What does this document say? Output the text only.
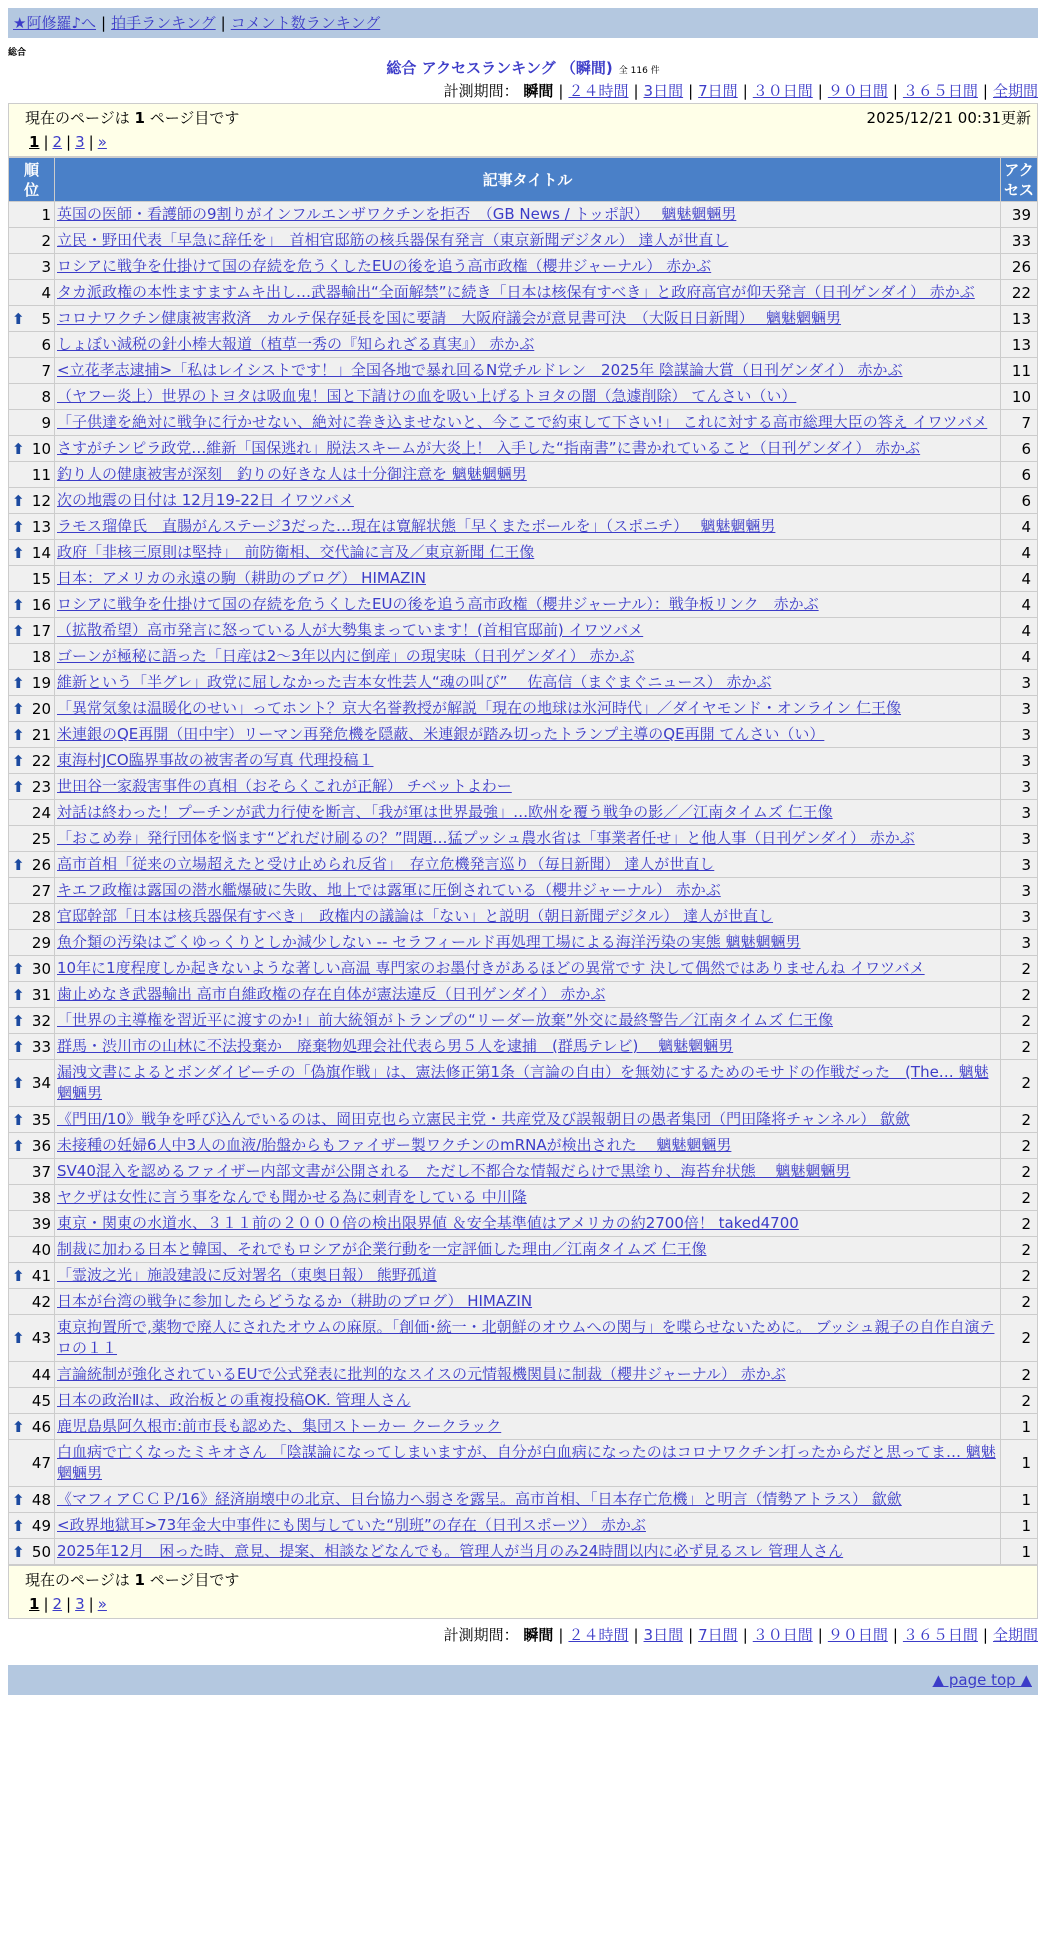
★阿修羅♪へ | 拍手ランキング | コメント数ランキング
総合
総合 アクセスランキング （瞬間) 全 116 件
計測期間： 瞬間 | ２４時間 | 3日間 | 7日間 | ３０日間 | ９０日間 | ３６５日間 | 全期間
現在のページは 1 ページ目です	2025/12/21 00:31更新
1 | 2 | 3 | »
順位	記事タイトル	アクセス
1	英国の医師・看護師の9割りがインフルエンザワクチンを拒否　（GB News / トッポ訳）　 魑魅魍魎男	39
2	立民・野田代表「早急に辞任を」　首相官邸筋の核兵器保有発言（東京新聞デジタル） 達人が世直し	33
3	ロシアに戦争を仕掛けて国の存続を危うくしたEUの後を追う高市政権（櫻井ジャーナル） 赤かぶ	26
4	タカ派政権の本性ますますムキ出し…武器輸出“全面解禁”に続き「日本は核保有すべき」と政府高官が仰天発言（日刊ゲンダイ） 赤かぶ	22

⬆ 5	コロナワクチン健康被害救済　カルテ保存延長を国に要請　大阪府議会が意見書可決　（大阪日日新聞）　 魑魅魍魎男	13
6	しょぼい減税の針小棒大報道（植草一秀の『知られざる真実』） 赤かぶ	13
7	<立花孝志逮捕>「私はレイシストです！」全国各地で暴れ回るN党チルドレン　2025年 陰謀論大賞（日刊ゲンダイ） 赤かぶ	11
8	（ヤフー炎上）世界のトヨタは吸血鬼！国と下請けの血を吸い上げるトヨタの闇（急遽削除） てんさい（い）	10
9	「子供達を絶対に戦争に行かせない、絶対に巻き込ませないと、今ここで約束して下さい!」 これに対する高市総理大臣の答え イワツバメ	7

⬆ 10	さすがチンピラ政党…維新「国保逃れ」脱法スキームが大炎上！ 入手した“指南書”に書かれていること（日刊ゲンダイ） 赤かぶ	6
11	釣り人の健康被害が深刻　釣りの好きな人は十分御注意を 魑魅魍魎男	6

⬆ 12	次の地震の日付は 12月19-22日 イワツバメ	6

⬆ 13	ラモス瑠偉氏　直腸がんステージ3だった…現在は寛解状態「早くまたボールを」（スポニチ）　 魑魅魍魎男	4

⬆ 14	政府「非核三原則は堅持」　前防衛相、交代論に言及／東京新聞 仁王像	4
15	日本：アメリカの永遠の駒（耕助のブログ） HIMAZIN	4

⬆ 16	ロシアに戦争を仕掛けて国の存続を危うくしたEUの後を追う高市政権（櫻井ジャーナル）：戦争板リンク　赤かぶ	4

⬆ 17	（拡散希望）高市発言に怒っている人が大勢集まっています！(首相官邸前) イワツバメ	4
18	ゴーンが極秘に語った「日産は2〜3年以内に倒産」の現実味（日刊ゲンダイ） 赤かぶ	4

⬆ 19	維新という「半グレ」政党に屈しなかった吉本女性芸人“魂の叫び”　 佐高信（まぐまぐニュース） 赤かぶ	3

⬆ 20	「異常気象は温暖化のせい」ってホント？京大名誉教授が解説「現在の地球は氷河時代」／ダイヤモンド・オンライン 仁王像	3

⬆ 21	米連銀のQE再開（田中宇）リーマン再発危機を隠蔽、米連銀が踏み切ったトランプ主導のQE再開 てんさい（い）	3

⬆ 22	東海村JCO臨界事故の被害者の写真 代理投稿１	3

⬆ 23	世田谷一家殺害事件の真相（おそらくこれが正解） チベットよわー	3
24	対話は終わった！プーチンが武力行使を断言、「我が軍は世界最強」…欧州を覆う戦争の影／／江南タイムズ 仁王像	3
25	「おこめ券」発行団体を悩ます“どれだけ刷るの？”問題…猛プッシュ農水省は「事業者任せ」と他人事（日刊ゲンダイ） 赤かぶ	3

⬆ 26	高市首相「従来の立場超えたと受け止められ反省」　存立危機発言巡り（毎日新聞） 達人が世直し	3
27	キエフ政権は露国の潜水艦爆破に失敗、地上では露軍に圧倒されている（櫻井ジャーナル） 赤かぶ	3
28	官邸幹部「日本は核兵器保有すべき」　政権内の議論は「ない」と説明（朝日新聞デジタル） 達人が世直し	3
29	魚介類の汚染はごくゆっくりとしか減少しない -- セラフィールド再処理工場による海洋汚染の実態 魑魅魍魎男	3

⬆ 30	10年に1度程度しか起きないような著しい高温 専門家のお墨付きがあるほどの異常です 決して偶然ではありませんね イワツバメ	2

⬆ 31	歯止めなき武器輸出 高市自維政権の存在自体が憲法違反（日刊ゲンダイ） 赤かぶ	2

⬆ 32	「世界の主導権を習近平に渡すのか!」前大統領がトランプの“リーダー放棄”外交に最終警告／江南タイムズ 仁王像	2

⬆ 33	群馬・渋川市の山林に不法投棄か　廃棄物処理会社代表ら男５人を逮捕　(群馬テレビ)　 魑魅魍魎男	2

⬆ 34	漏洩文書によるとボンダイビーチの「偽旗作戦」は、憲法修正第1条（言論の自由）を無効にするためのモサドの作戦だった　(The… 魑魅魍魎男	2

⬆ 35	《門田/10》戦争を呼び込んでいるのは、岡田克也ら立憲民主党・共産党及び誤報朝日の愚者集団（門田隆将チャンネル） 歙歛	2

⬆ 36	未接種の妊婦6人中3人の血液/胎盤からもファイザー製ワクチンのmRNAが検出された　 魑魅魍魎男	2
37	SV40混入を認めるファイザー内部文書が公開される　ただし不都合な情報だらけで黒塗り、海苔弁状態　 魑魅魍魎男	2
38	ヤクザは女性に言う事をなんでも聞かせる為に刺青をしている 中川隆	2
39	東京・関東の水道水、３１１前の２０００倍の検出限界値 ＆安全基準値はアメリカの約2700倍！ taked4700	2
40	制裁に加わる日本と韓国、それでもロシアが企業行動を一定評価した理由／江南タイムズ 仁王像	2

⬆ 41	「霊波之光」施設建設に反対署名（東奥日報） 熊野孤道	2
42	日本が台湾の戦争に参加したらどうなるか（耕助のブログ） HIMAZIN	2

⬆ 43	東京拘置所で,薬物で廃人にされたオウムの麻原。「創価･統一・北朝鮮のオウムへの関与」を喋らせないために。 ブッシュ親子の自作自演テロの１１	2
44	言論統制が強化されているEUで公式発表に批判的なスイスの元情報機関員に制裁（櫻井ジャーナル） 赤かぶ	2
45	日本の政治Ⅱは、政治板との重複投稿OK. 管理人さん	2

⬆ 46	鹿児島県阿久根市:前市長も認めた、集団ストーカー クークラック	1
47	白血病で亡くなったミキオさん 「陰謀論になってしまいますが、自分が白血病になったのはコロナワクチン打ったからだと思ってま… 魑魅魍魎男	1

⬆ 48	《マフィアＣＣＰ/16》経済崩壊中の北京、日台協力へ弱さを露呈。高市首相、「日本存亡危機」と明言（情勢アトラス） 歙歛	1

⬆ 49	<政界地獄耳>73年金大中事件にも関与していた“別班”の存在（日刊スポーツ） 赤かぶ	1

⬆ 50	2025年12月　困った時、意見、提案、相談などなんでも。管理人が当月のみ24時間以内に必ず見るスレ 管理人さん	1
現在のページは 1 ページ目です
1 | 2 | 3 | »
計測期間： 瞬間 | ２４時間 | 3日間 | 7日間 | ３０日間 | ９０日間 | ３６５日間 | 全期間
▲ page top ▲
